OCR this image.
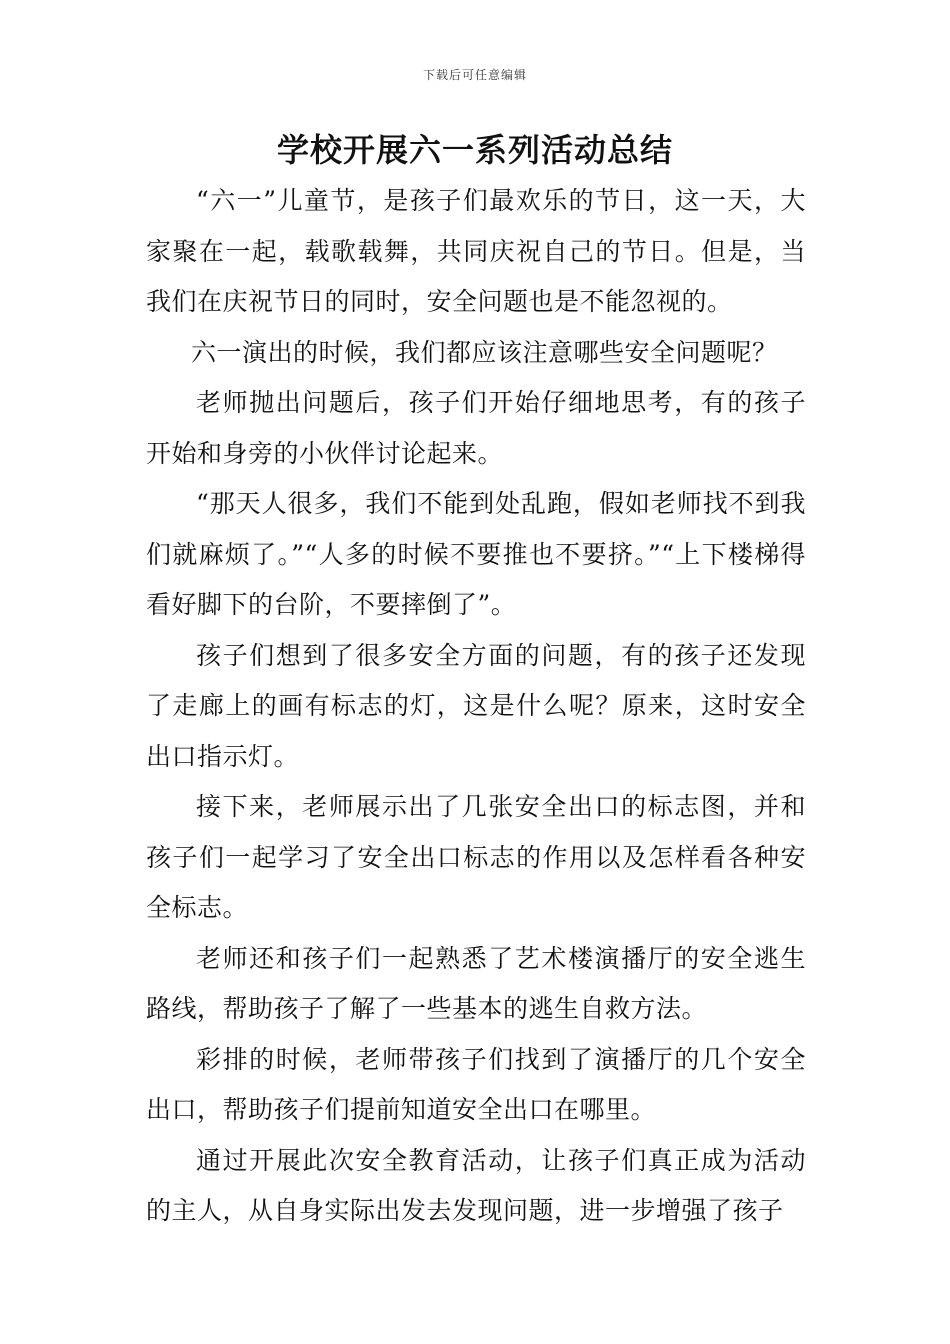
下载后可任意编辑
学校开展六一系列活动总结

“六一”儿童节，是孩子们最欢乐的节日，这一天，大家聚在一起，载歌载舞，共同庆祝自己的节日。但是，当我们在庆祝节日的同时，安全问题也是不能忽视的。

六一演出的时候，我们都应该注意哪些安全问题呢？

老师抛出问题后，孩子们开始仔细地思考，有的孩子开始和身旁的小伙伴讨论起来。

“那天人很多，我们不能到处乱跑，假如老师找不到我们就麻烦了。”“人多的时候不要推也不要挤。”“上下楼梯得看好脚下的台阶，不要摔倒了”。

孩子们想到了很多安全方面的问题，有的孩子还发现了走廊上的画有标志的灯，这是什么呢？原来，这时安全出口指示灯。

接下来，老师展示出了几张安全出口的标志图，并和孩子们一起学习了安全出口标志的作用以及怎样看各种安全标志。

老师还和孩子们一起熟悉了艺术楼演播厅的安全逃生路线，帮助孩子了解了一些基本的逃生自救方法。

彩排的时候，老师带孩子们找到了演播厅的几个安全出口，帮助孩子们提前知道安全出口在哪里。

通过开展此次安全教育活动，让孩子们真正成为活动的主人，从自身实际出发去发现问题，进一步增强了孩子
